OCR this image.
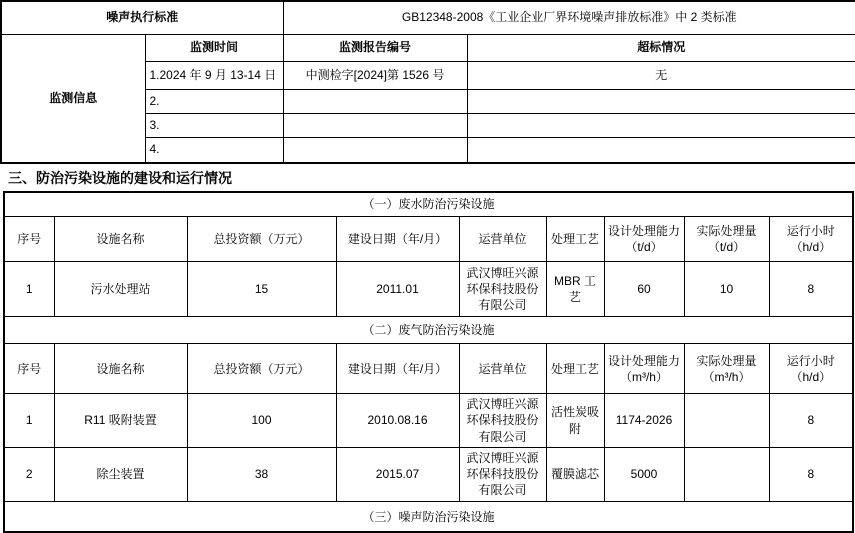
噪声执行标准		GB12348-2008《工业企业厂界环境噪声排放标准》中 2 类标准	
监测信息	监测时间	监测报告编号	超标情况
	1.2024 年 9 月 13-14 日	中测检字[2024]第 1526 号	无
	2.		
	3.		
	4.		
三、防治污染设施的建设和运行情况
（一）废水防治污染设施								
序号	设施名称	总投资额（万元）	建设日期（年/月）	运营单位	处理工艺	设计处理能力（t/d）	实际处理量（t/d）	运行小时（h/d）
1	污水处理站	15	2011.01	武汉博旺兴源环保科技股份有限公司	MBR 工艺	60	10	8
（二）废气防治污染设施								
序号	设施名称	总投资额（万元）	建设日期（年/月）	运营单位	处理工艺	设计处理能力（m³/h）	实际处理量（m³/h）	运行小时（h/d）
1	R11 吸附装置	100	2010.08.16	武汉博旺兴源环保科技股份有限公司	活性炭吸附	1174-2026		8
2	除尘装置	38	2015.07	武汉博旺兴源环保科技股份有限公司	覆膜滤芯	5000		8
（三）噪声防治污染设施								
